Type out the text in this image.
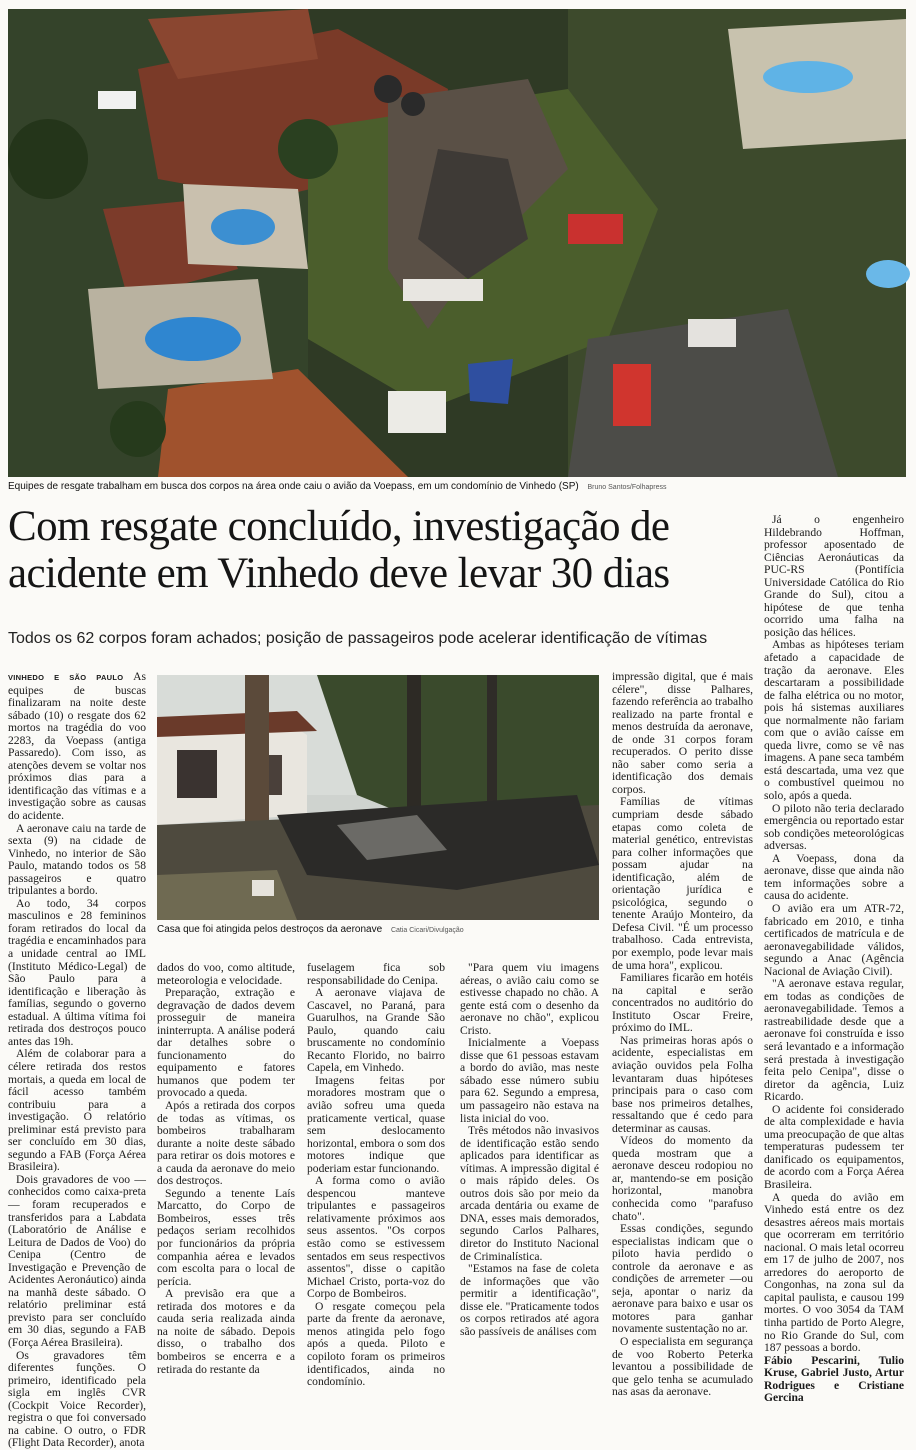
Equipes de resgate trabalham em busca dos corpos na área onde caiu o avião da Voepass, em um condomínio de Vinhedo (SP) Bruno Santos/Folhapress
Com resgate concluído, investigação de acidente em Vinhedo deve levar 30 dias

Todos os 62 corpos foram achados; posição de passageiros pode acelerar identificação de vítimas

VINHEDO E SÃO PAULO As equipes de buscas finalizaram na noite deste sábado (10) o resgate dos 62 mortos na tragédia do voo 2283, da Voepass (antiga Passaredo). Com isso, as atenções devem se voltar nos próximos dias para a identificação das vítimas e a investigação sobre as causas do acidente.

A aeronave caiu na tarde de sexta (9) na cidade de Vinhedo, no interior de São Paulo, matando todos os 58 passageiros e quatro tripulantes a bordo.

Ao todo, 34 corpos masculinos e 28 femininos foram retirados do local da tragédia e encaminhados para a unidade central ao IML (Instituto Médico-Legal) de São Paulo para a identificação e liberação às famílias, segundo o governo estadual. A última vítima foi retirada dos destroços pouco antes das 19h.

Além de colaborar para a célere retirada dos restos mortais, a queda em local de fácil acesso também contribuiu para a investigação. O relatório preliminar está previsto para ser concluído em 30 dias, segundo a FAB (Força Aérea Brasileira).

Dois gravadores de voo —conhecidos como caixa-preta— foram recuperados e transferidos para a Labdata (Laboratório de Análise e Leitura de Dados de Voo) do Cenipa (Centro de Investigação e Prevenção de Acidentes Aeronáutico) ainda na manhã deste sábado. O relatório preliminar está previsto para ser concluído em 30 dias, segundo a FAB (Força Aérea Brasileira).

Os gravadores têm diferentes funções. O primeiro, identificado pela sigla em inglês CVR (Cockpit Voice Recorder), registra o que foi conversado na cabine. O outro, o FDR (Flight Data Recorder), anota

Casa que foi atingida pelos destroços da aeronave Catia Cicari/Divulgação

dados do voo, como altitude, meteorologia e velocidade.

Preparação, extração e degravação de dados devem prosseguir de maneira ininterrupta. A análise poderá dar detalhes sobre o funcionamento do equipamento e fatores humanos que podem ter provocado a queda.

Após a retirada dos corpos de todas as vítimas, os bombeiros trabalharam durante a noite deste sábado para retirar os dois motores e a cauda da aeronave do meio dos destroços.

Segundo a tenente Laís Marcatto, do Corpo de Bombeiros, esses três pedaços seriam recolhidos por funcionários da própria companhia aérea e levados com escolta para o local de perícia.

A previsão era que a retirada dos motores e da cauda seria realizada ainda na noite de sábado. Depois disso, o trabalho dos bombeiros se encerra e a retirada do restante da

fuselagem fica sob responsabilidade do Cenipa.

A aeronave viajava de Cascavel, no Paraná, para Guarulhos, na Grande São Paulo, quando caiu bruscamente no condomínio Recanto Florido, no bairro Capela, em Vinhedo.

Imagens feitas por moradores mostram que o avião sofreu uma queda praticamente vertical, quase sem deslocamento horizontal, embora o som dos motores indique que poderiam estar funcionando.

A forma como o avião despencou manteve tripulantes e passageiros relativamente próximos aos seus assentos. "Os corpos estão como se estivessem sentados em seus respectivos assentos", disse o capitão Michael Cristo, porta-voz do Corpo de Bombeiros.

O resgate começou pela parte da frente da aeronave, menos atingida pelo fogo após a queda. Piloto e copiloto foram os primeiros identificados, ainda no condomínio.

"Para quem viu imagens aéreas, o avião caiu como se estivesse chapado no chão. A gente está com o desenho da aeronave no chão", explicou Cristo.

Inicialmente a Voepass disse que 61 pessoas estavam a bordo do avião, mas neste sábado esse número subiu para 62. Segundo a empresa, um passageiro não estava na lista inicial do voo.

Três métodos não invasivos de identificação estão sendo aplicados para identificar as vítimas. A impressão digital é o mais rápido deles. Os outros dois são por meio da arcada dentária ou exame de DNA, esses mais demorados, segundo Carlos Palhares, diretor do Instituto Nacional de Criminalística.

"Estamos na fase de coleta de informações que vão permitir a identificação", disse ele. "Praticamente todos os corpos retirados até agora são passíveis de análises com

impressão digital, que é mais célere", disse Palhares, fazendo referência ao trabalho realizado na parte frontal e menos destruída da aeronave, de onde 31 corpos foram recuperados. O perito disse não saber como seria a identificação dos demais corpos.

Famílias de vítimas cumpriam desde sábado etapas como coleta de material genético, entrevistas para colher informações que possam ajudar na identificação, além de orientação jurídica e psicológica, segundo o tenente Araújo Monteiro, da Defesa Civil. "É um processo trabalhoso. Cada entrevista, por exemplo, pode levar mais de uma hora", explicou.

Familiares ficarão em hotéis na capital e serão concentrados no auditório do Instituto Oscar Freire, próximo do IML.

Nas primeiras horas após o acidente, especialistas em aviação ouvidos pela Folha levantaram duas hipóteses principais para o caso com base nos primeiros detalhes, ressaltando que é cedo para determinar as causas.

Vídeos do momento da queda mostram que a aeronave desceu rodopiou no ar, mantendo-se em posição horizontal, manobra conhecida como "parafuso chato".

Essas condições, segundo especialistas indicam que o piloto havia perdido o controle da aeronave e as condições de arremeter —ou seja, apontar o nariz da aeronave para baixo e usar os motores para ganhar novamente sustentação no ar.

O especialista em segurança de voo Roberto Peterka levantou a possibilidade de que gelo tenha se acumulado nas asas da aeronave.

Já o engenheiro Hildebrando Hoffman, professor aposentado de Ciências Aeronáuticas da PUC-RS (Pontifícia Universidade Católica do Rio Grande do Sul), citou a hipótese de que tenha ocorrido uma falha na posição das hélices.

Ambas as hipóteses teriam afetado a capacidade de tração da aeronave. Eles descartaram a possibilidade de falha elétrica ou no motor, pois há sistemas auxiliares que normalmente não fariam com que o avião caísse em queda livre, como se vê nas imagens. A pane seca também está descartada, uma vez que o combustível queimou no solo, após a queda.

O piloto não teria declarado emergência ou reportado estar sob condições meteorológicas adversas.

A Voepass, dona da aeronave, disse que ainda não tem informações sobre a causa do acidente.

O avião era um ATR-72, fabricado em 2010, e tinha certificados de matrícula e de aeronavegabilidade válidos, segundo a Anac (Agência Nacional de Aviação Civil).

"A aeronave estava regular, em todas as condições de aeronavegabilidade. Temos a rastreabilidade desde que a aeronave foi construída e isso será levantado e a informação será prestada à investigação feita pelo Cenipa", disse o diretor da agência, Luiz Ricardo.

O acidente foi considerado de alta complexidade e havia uma preocupação de que altas temperaturas pudessem ter danificado os equipamentos, de acordo com a Força Aérea Brasileira.

A queda do avião em Vinhedo está entre os dez desastres aéreos mais mortais que ocorreram em território nacional. O mais letal ocorreu em 17 de julho de 2007, nos arredores do aeroporto de Congonhas, na zona sul da capital paulista, e causou 199 mortes. O voo 3054 da TAM tinha partido de Porto Alegre, no Rio Grande do Sul, com 187 pessoas a bordo.

Fábio Pescarini, Tulio Kruse, Gabriel Justo, Artur Rodrigues e Cristiane Gercina
